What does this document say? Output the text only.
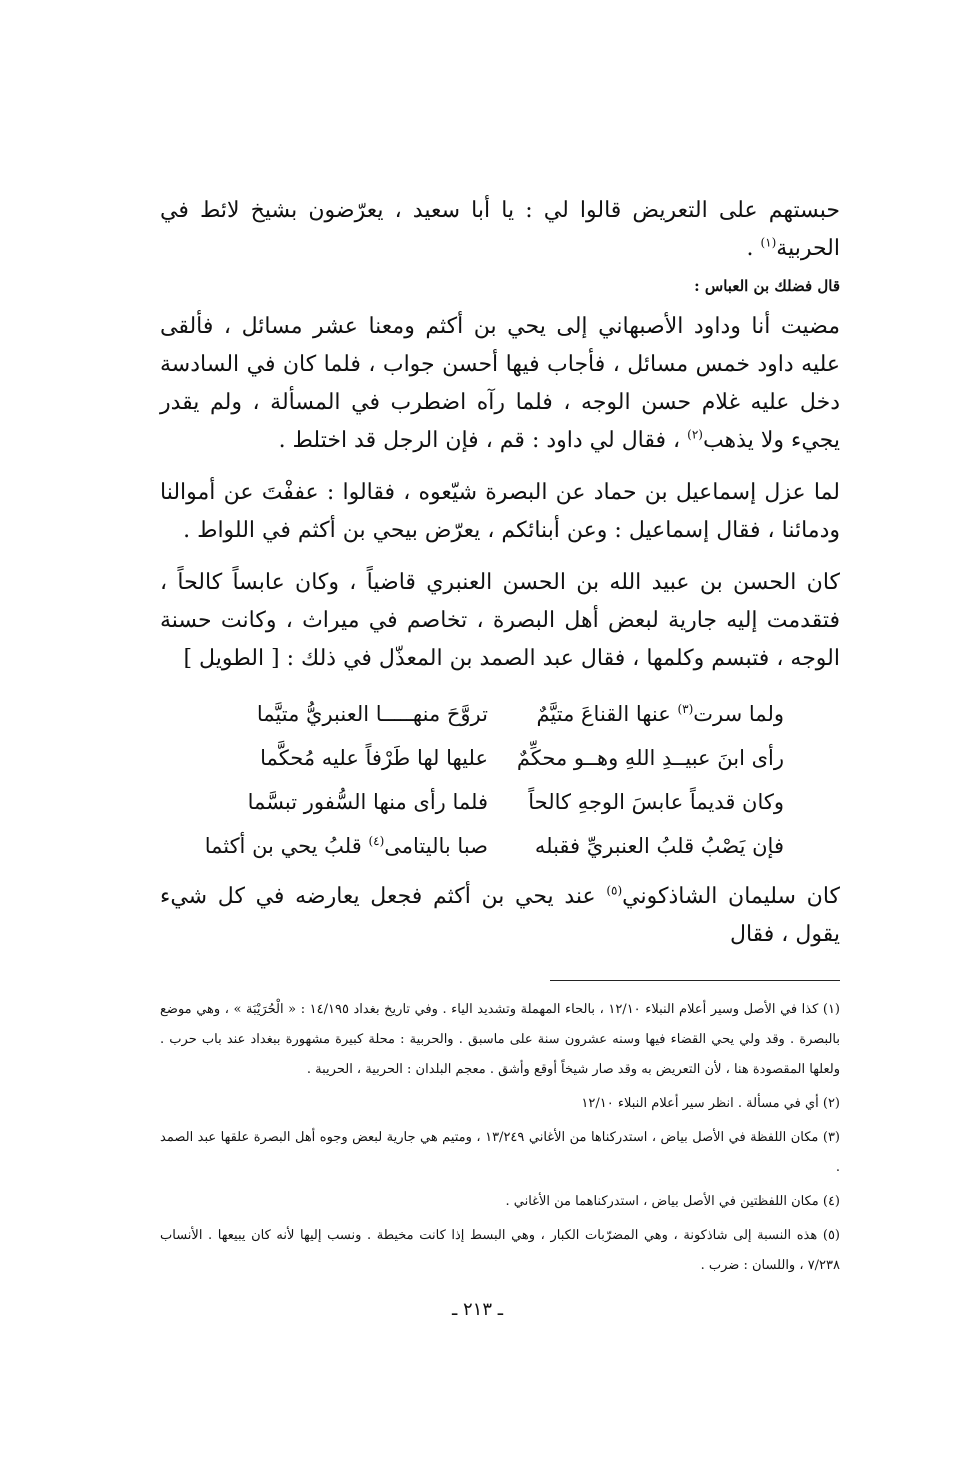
حبستهم على التعريض قالوا لي : يا أبا سعيد ، يعرّضون بشيخ لائط في الحربية$^{(١)}$ .

قال فضلك بن العباس :

مضيت أنا وداود الأصبهاني إلى يحي بن أكثم ومعنا عشر مسائل ، فألقى عليه داود خمس مسائل ، فأجاب فيها أحسن جواب ، فلما كان في السادسة دخل عليه غلام حسن الوجه ، فلما رآه اضطرب في المسألة ، ولم يقدر يجيء ولا يذهب$^{(٢)}$ ، فقال لي داود : قم ، فإن الرجل قد اختلط .

لما عزل إسماعيل بن حماد عن البصرة شيّعوه ، فقالوا : عففْتَ عن أموالنا ودمائنا ، فقال إسماعيل : وعن أبنائكم ، يعرّض بيحي بن أكثم في اللواط .

كان الحسن بن عبيد الله بن الحسن العنبري قاضياً ، وكان عابساً كالحاً ، فتقدمت إليه جارية لبعض أهل البصرة ، تخاصم في ميراث ، وكانت حسنة الوجه ، فتبسم وكلمها ، فقال عبد الصمد بن المعذّل في ذلك : [ الطويل ]

ولما سرت$^{(٣)}$ عنها القناعَ متيَّمٌ
تروَّحَ منهـــــا العنبريُّ متيَّما
رأى ابنَ عبيــدِ اللهِ وهــو محكِّمٌ
عليها لها طَرْفاً عليه مُحكَّما
وكان قديماً عابسَ الوجهِ كالحاً
فلما رأى منها السُّفور تبسَّما
فإن يَصْبُ قلبُ العنبريِّ فقبله
صبا باليتامى$^{(٤)}$ قلبُ يحي بن أكثما

كان سليمان الشاذكوني$^{(٥)}$ عند يحي بن أكثم فجعل يعارضه في كل شيء يقول ، فقال

(١) كذا في الأصل وسير أعلام النبلاء ١٢/١٠ ، بالحاء المهملة وتشديد الياء . وفي تاريخ بغداد ١٤/١٩٥ : « الْحُرَيْبَة » ، وهي موضع بالبصرة . وقد ولي يحي القضاء فيها وسنه عشرون سنة على ماسبق . والحربية : محلة كبيرة مشهورة ببغداد عند باب حرب . ولعلها المقصودة هنا ، لأن التعريض به وقد صار شيخاً أوقع وأشق . معجم البلدان : الحربية ، الحريبة .

(٢) أي في مسألة . انظر سير أعلام النبلاء ١٢/١٠

(٣) مكان اللفظة في الأصل بياض ، استدركناها من الأغاني ١٣/٢٤٩ ، ومتيم هي جارية لبعض وجوه أهل البصرة علقها عبد الصمد .

(٤) مكان اللفظتين في الأصل بياض ، استدركناهما من الأغاني .

(٥) هذه النسبة إلى شاذكونة ، وهي المضرّبات الكبار ، وهي البسط إذا كانت مخيطة . ونسب إليها لأنه كان يبيعها . الأنساب ٧/٢٣٨ ، واللسان : ضرب .

ـ ٢١٣ ـ
